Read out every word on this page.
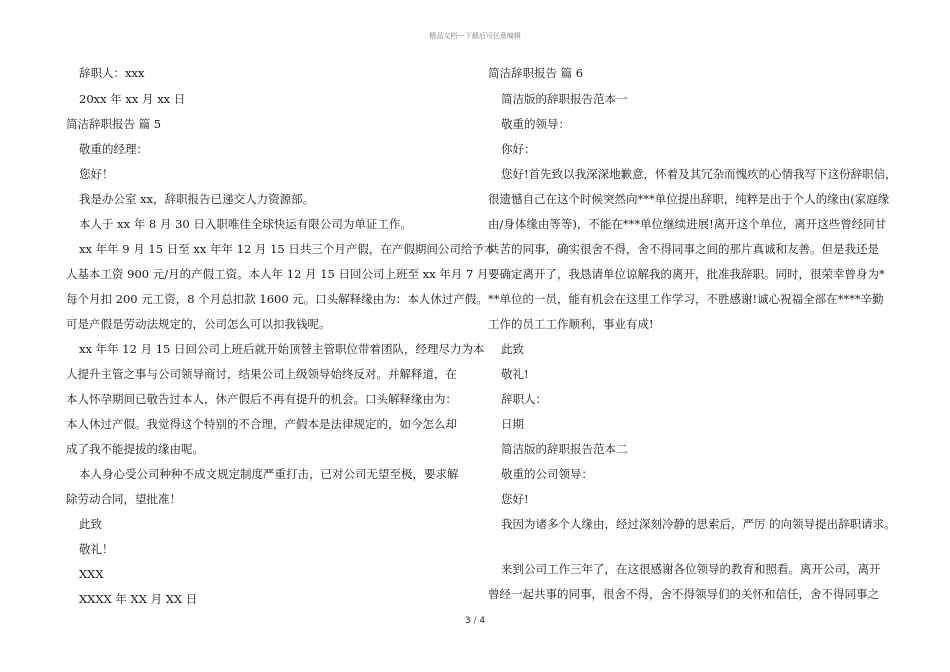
精品文档---下载后可任意编辑
辞职人：xxx
20xx 年 xx 月 xx 日
简洁辞职报告 篇 5
敬重的经理：
您好！
我是办公室 xx，辞职报告已递交人力资源部。
本人于 xx 年 8 月 30 日入职唯佳全球快运有限公司为单证工作。
xx 年年 9 月 15 日至 xx 年年 12 月 15 日共三个月产假，在产假期间公司给予本
人基本工资 900 元/月的产假工资。本人年 12 月 15 日回公司上班至 xx 年月 7 月
每个月扣 200 元工资，8 个月总扣款 1600 元。口头解释缘由为：本人休过产假。
可是产假是劳动法规定的，公司怎么可以扣我钱呢。
xx 年年 12 月 15 日回公司上班后就开始顶替主管职位带着团队，经理尽力为本
人提升主管之事与公司领导商讨，结果公司上级领导始终反对。并解释道，在
本人怀孕期间已敬告过本人，休产假后不再有提升的机会。口头解释缘由为：
本人休过产假。我觉得这个特别的不合理，产假本是法律规定的，如今怎么却
成了我不能提拔的缘由呢。
本人身心受公司种种不成文规定制度严重打击，已对公司无望至极，要求解
除劳动合同，望批准！
此致
敬礼！
XXX
XXXX 年 XX 月 XX 日
简洁辞职报告 篇 6
简洁版的辞职报告范本一
敬重的领导：
你好：
您好!首先致以我深深地歉意，怀着及其冗杂而愧疚的心情我写下这份辞职信，
很遗憾自己在这个时候突然向***单位提出辞职，纯粹是出于个人的缘由(家庭缘
由/身体缘由等等)，不能在***单位继续进展!离开这个单位，离开这些曾经同甘
共苦的同事，确实很舍不得，舍不得同事之间的那片真诚和友善。但是我还是
要确定离开了，我恳请单位谅解我的离开，批准我辞职。同时，很荣幸曾身为*
**单位的一员，能有机会在这里工作学习，不胜感谢!诚心祝福全部在****辛勤
工作的员工工作顺利，事业有成!
此致
敬礼!
辞职人：
日期
简洁版的辞职报告范本二
敬重的公司领导：
您好!
我因为诸多个人缘由，经过深刻冷静的思索后，严厉 的向领导提出辞职请求。
来到公司工作三年了，在这很感谢各位领导的教育和照看。离开公司，离开
曾经一起共事的同事，很舍不得，舍不得领导们的关怀和信任，舍不得同事之
3 / 4
